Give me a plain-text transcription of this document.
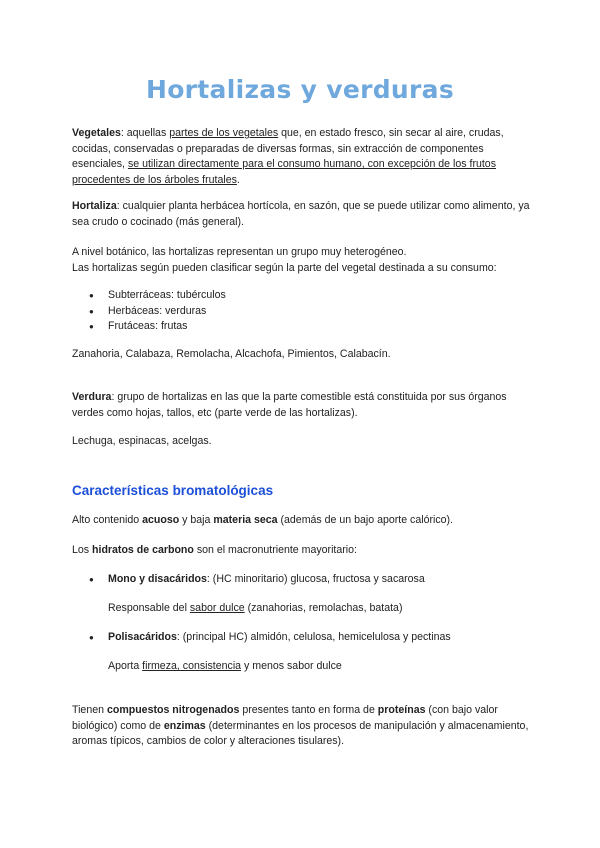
Hortalizas y verduras

Vegetales: aquellas partes de los vegetales que, en estado fresco, sin secar al aire, crudas, cocidas, conservadas o preparadas de diversas formas, sin extracción de componentes esenciales, se utilizan directamente para el consumo humano, con excepción de los frutos procedentes de los árboles frutales.

Hortaliza: cualquier planta herbácea hortícola, en sazón, que se puede utilizar como alimento, ya sea crudo o cocinado (más general).

A nivel botánico, las hortalizas representan un grupo muy heterogéneo.

Las hortalizas según pueden clasificar según la parte del vegetal destinada a su consumo:

● Subterráceas: tubérculos
● Herbáceas: verduras
● Frutáceas: frutas
Zanahoria, Calabaza, Remolacha, Alcachofa, Pimientos, Calabacín.

Verdura: grupo de hortalizas en las que la parte comestible está constituida por sus órganos verdes como hojas, tallos, etc (parte verde de las hortalizas).

Lechuga, espinacas, acelgas.
Características bromatológicas

Alto contenido acuoso y baja materia seca (además de un bajo aporte calórico).

Los hidratos de carbono son el macronutriente mayoritario:

● Mono y disacáridos: (HC minoritario) glucosa, fructosa y sacarosa
Responsable del sabor dulce (zanahorias, remolachas, batata)
● Polisacáridos: (principal HC) almidón, celulosa, hemicelulosa y pectinas
Aporta firmeza, consistencia y menos sabor dulce

Tienen compuestos nitrogenados presentes tanto en forma de proteínas (con bajo valor biológico) como de enzimas (determinantes en los procesos de manipulación y almacenamiento, aromas típicos, cambios de color y alteraciones tisulares).
